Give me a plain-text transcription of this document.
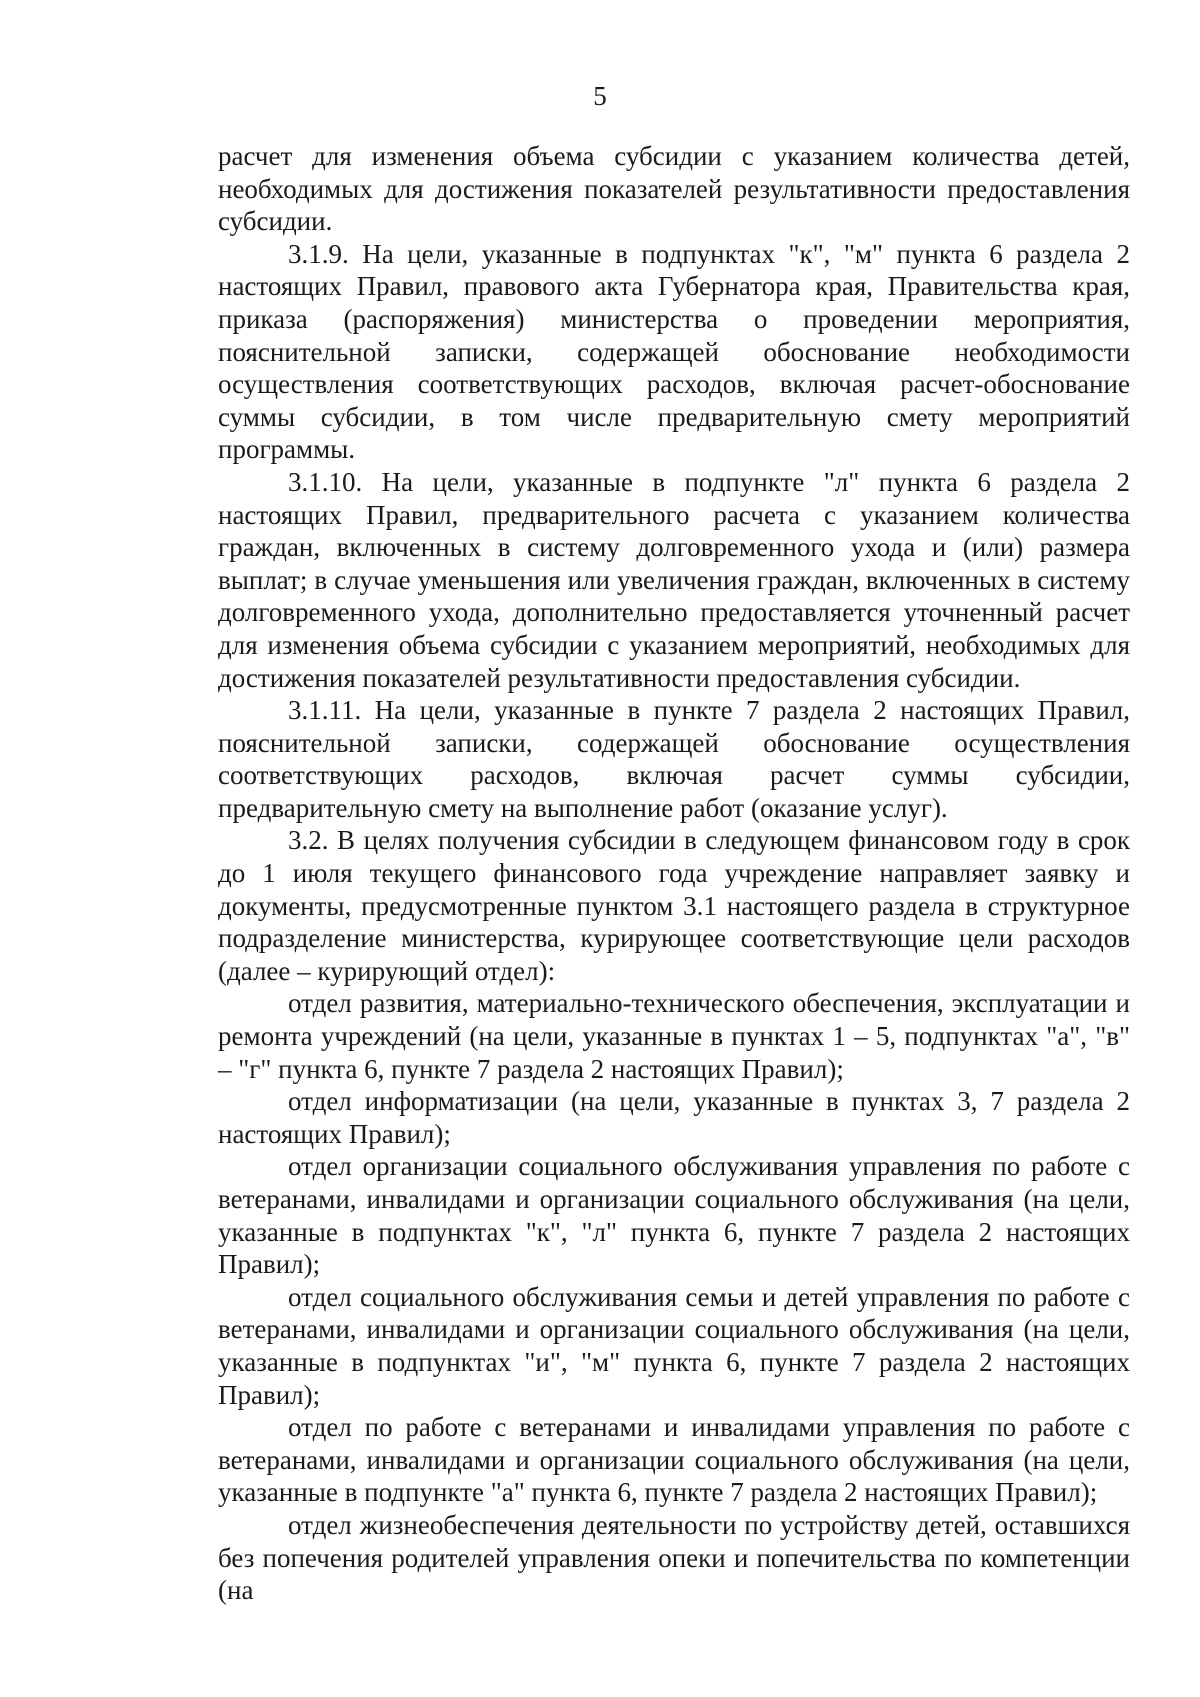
5

расчет для изменения объема субсидии с указанием количества детей, необходимых для достижения показателей результативности предоставления субсидии.

3.1.9. На цели, указанные в подпунктах "к", "м" пункта 6 раздела 2 настоящих Правил, правового акта Губернатора края, Правительства края, приказа (распоряжения) министерства о проведении мероприятия, пояснительной записки, содержащей обоснование необходимости осуществления соответствующих расходов, включая расчет-обоснование суммы субсидии, в том числе предварительную смету мероприятий программы.

3.1.10. На цели, указанные в подпункте "л" пункта 6 раздела 2 настоящих Правил, предварительного расчета с указанием количества граждан, включенных в систему долговременного ухода и (или) размера выплат; в случае уменьшения или увеличения граждан, включенных в систему долговременного ухода, дополнительно предоставляется уточненный расчет для изменения объема субсидии с указанием мероприятий, необходимых для достижения показателей результативности предоставления субсидии.

3.1.11. На цели, указанные в пункте 7 раздела 2 настоящих Правил, пояснительной записки, содержащей обоснование осуществления соответствующих расходов, включая расчет суммы субсидии, предварительную смету на выполнение работ (оказание услуг).

3.2. В целях получения субсидии в следующем финансовом году в срок до 1 июля текущего финансового года учреждение направляет заявку и документы, предусмотренные пунктом 3.1 настоящего раздела в структурное подразделение министерства, курирующее соответствующие цели расходов (далее – курирующий отдел):

отдел развития, материально-технического обеспечения, эксплуатации и ремонта учреждений (на цели, указанные в пунктах 1 – 5, подпунктах "а", "в" – "г" пункта 6, пункте 7 раздела 2 настоящих Правил);

отдел информатизации (на цели, указанные в пунктах 3, 7 раздела 2 настоящих Правил);

отдел организации социального обслуживания управления по работе с ветеранами, инвалидами и организации социального обслуживания (на цели, указанные в подпунктах "к", "л" пункта 6, пункте 7 раздела 2 настоящих Правил);

отдел социального обслуживания семьи и детей управления по работе с ветеранами, инвалидами и организации социального обслуживания (на цели, указанные в подпунктах "и", "м" пункта 6, пункте 7 раздела 2 настоящих Правил);

отдел по работе с ветеранами и инвалидами управления по работе с ветеранами, инвалидами и организации социального обслуживания (на цели, указанные в подпункте "а" пункта 6, пункте 7 раздела 2 настоящих Правил);

отдел жизнеобеспечения деятельности по устройству детей, оставшихся без попечения родителей управления опеки и попечительства по компетенции (на
